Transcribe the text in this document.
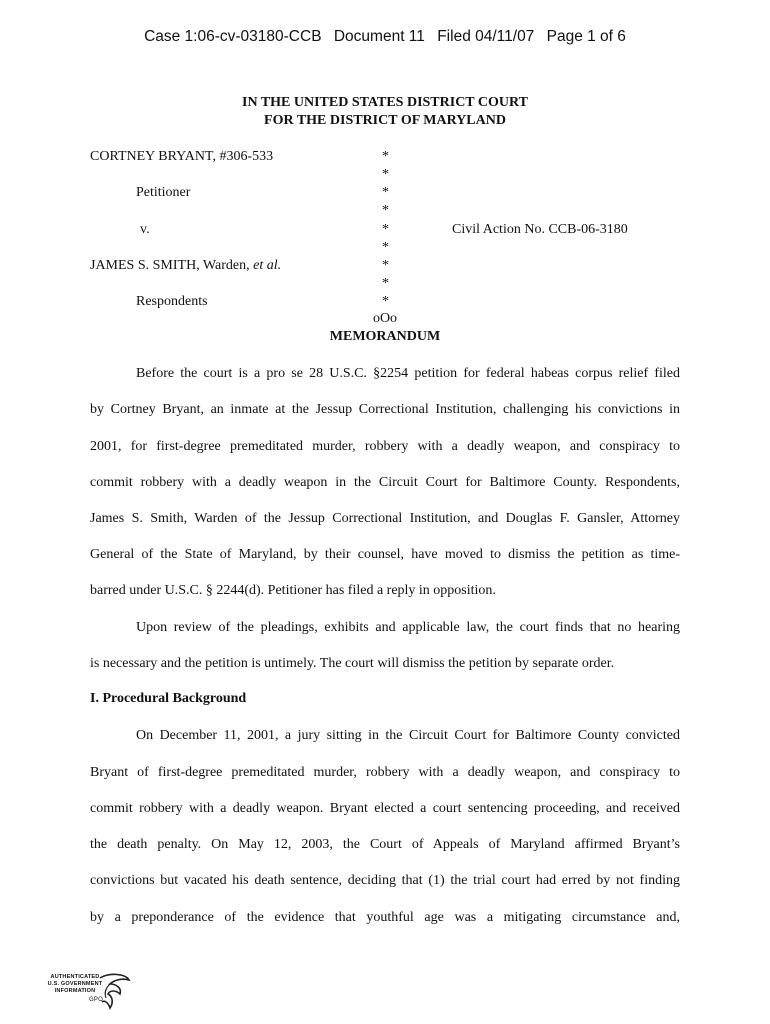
Case 1:06-cv-03180-CCB Document 11 Filed 04/11/07 Page 1 of 6
IN THE UNITED STATES DISTRICT COURT
FOR THE DISTRICT OF MARYLAND
CORTNEY BRYANT, #306-533
Petitioner
v.	Civil Action No. CCB-06-3180
JAMES S. SMITH, Warden, et al.
Respondents
*
*
*
*
*
*
*
*
*
oOo
MEMORANDUM
Before the court is a pro se 28 U.S.C. §2254 petition for federal habeas corpus relief filed
by Cortney Bryant, an inmate at the Jessup Correctional Institution, challenging his convictions in
2001, for first-degree premeditated murder, robbery with a deadly weapon, and conspiracy to
commit robbery with a deadly weapon in the Circuit Court for Baltimore County. Respondents,
James S. Smith, Warden of the Jessup Correctional Institution, and Douglas F. Gansler, Attorney
General of the State of Maryland, by their counsel, have moved to dismiss the petition as time-
barred under U.S.C. § 2244(d). Petitioner has filed a reply in opposition.
Upon review of the pleadings, exhibits and applicable law, the court finds that no hearing
is necessary and the petition is untimely. The court will dismiss the petition by separate order.
I. Procedural Background
On December 11, 2001, a jury sitting in the Circuit Court for Baltimore County convicted
Bryant of first-degree premeditated murder, robbery with a deadly weapon, and conspiracy to
commit robbery with a deadly weapon. Bryant elected a court sentencing proceeding, and received
the death penalty. On May 12, 2003, the Court of Appeals of Maryland affirmed Bryant’s
convictions but vacated his death sentence, deciding that (1) the trial court had erred by not finding
by a preponderance of the evidence that youthful age was a mitigating circumstance and,
AUTHENTICATED
U.S. GOVERNMENT
INFORMATION
GPO
